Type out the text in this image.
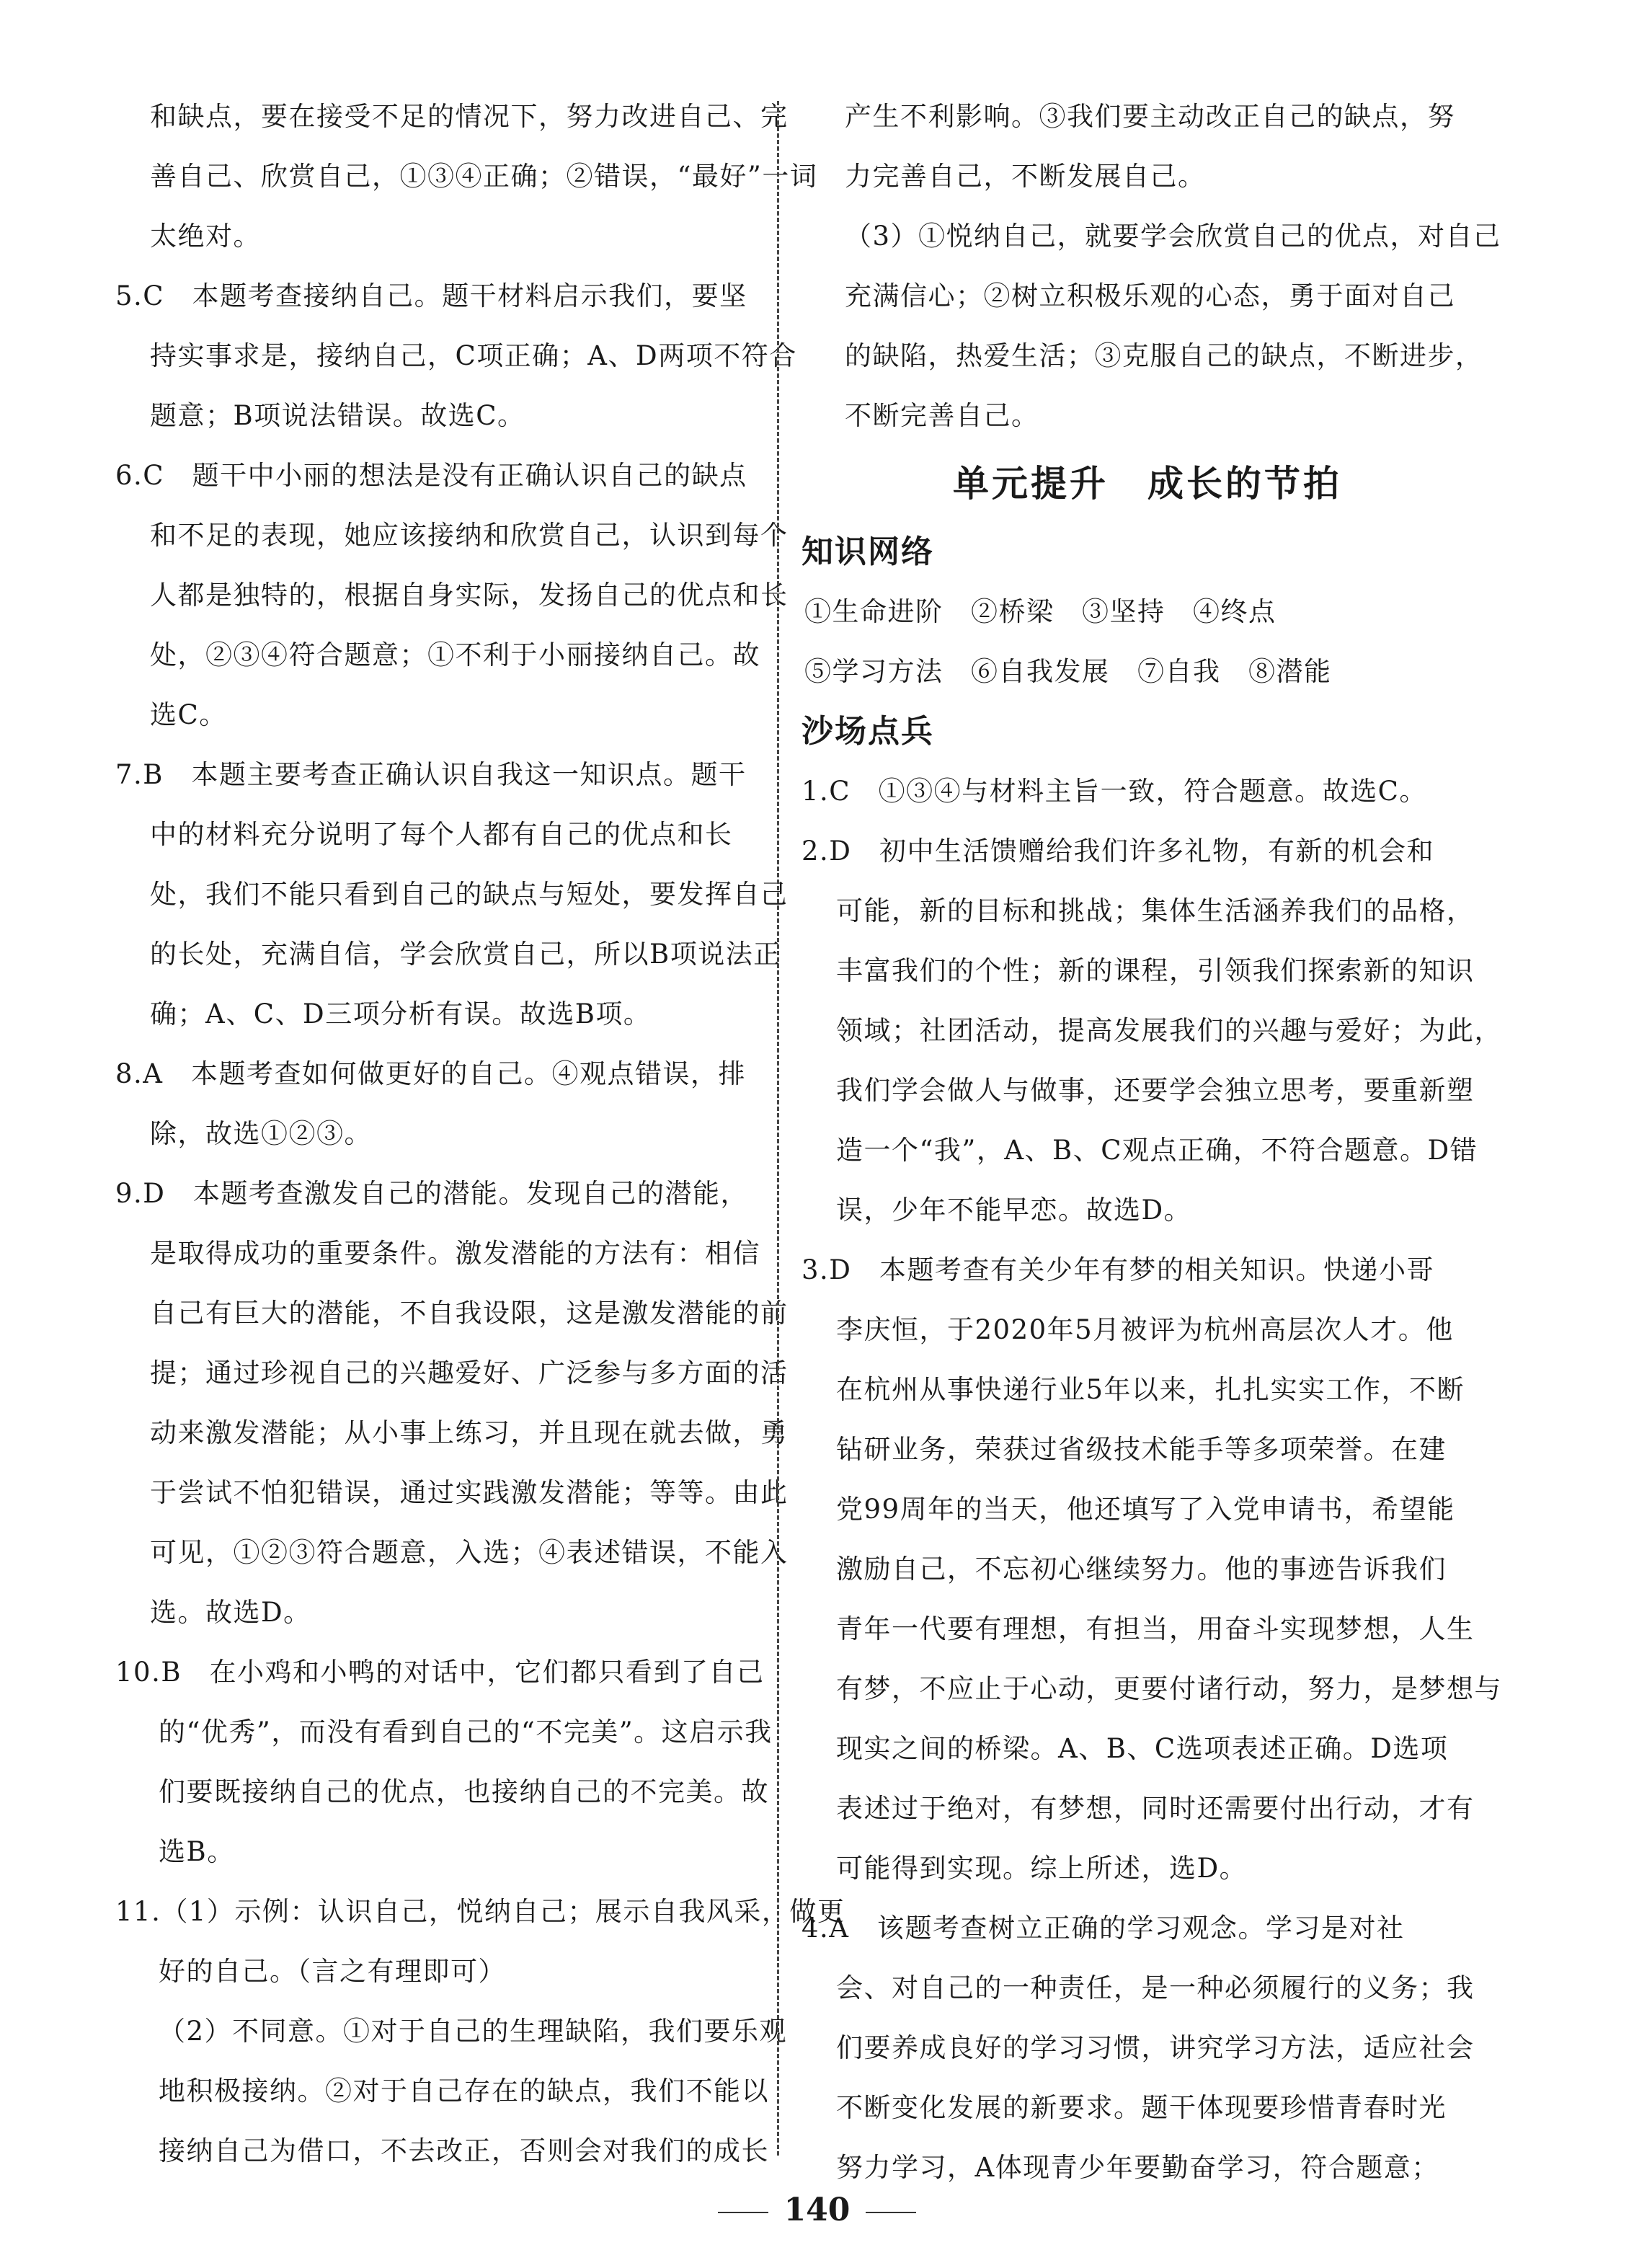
和缺点，要在接受不足的情况下，努力改进自己、完
善自己、欣赏自己，①③④正确；②错误，“最好”一词
太绝对。
5.C　本题考查接纳自己。题干材料启示我们，要坚
持实事求是，接纳自己，C项正确；A、D两项不符合
题意；B项说法错误。故选C。
6.C　题干中小丽的想法是没有正确认识自己的缺点
和不足的表现，她应该接纳和欣赏自己，认识到每个
人都是独特的，根据自身实际，发扬自己的优点和长
处，②③④符合题意；①不利于小丽接纳自己。故
选C。
7.B　本题主要考查正确认识自我这一知识点。题干
中的材料充分说明了每个人都有自己的优点和长
处，我们不能只看到自己的缺点与短处，要发挥自己
的长处，充满自信，学会欣赏自己，所以B项说法正
确；A、C、D三项分析有误。故选B项。
8.A　本题考查如何做更好的自己。④观点错误，排
除，故选①②③。
9.D　本题考查激发自己的潜能。发现自己的潜能，
是取得成功的重要条件。激发潜能的方法有：相信
自己有巨大的潜能，不自我设限，这是激发潜能的前
提；通过珍视自己的兴趣爱好、广泛参与多方面的活
动来激发潜能；从小事上练习，并且现在就去做，勇
于尝试不怕犯错误，通过实践激发潜能；等等。由此
可见，①②③符合题意，入选；④表述错误，不能入
选。故选D。
10.B　在小鸡和小鸭的对话中，它们都只看到了自己
的“优秀”，而没有看到自己的“不完美”。这启示我
们要既接纳自己的优点，也接纳自己的不完美。故
选B。
11.（1）示例：认识自己，悦纳自己；展示自我风采，做更
好的自己。（言之有理即可）
（2）不同意。①对于自己的生理缺陷，我们要乐观
地积极接纳。②对于自己存在的缺点，我们不能以
接纳自己为借口，不去改正，否则会对我们的成长
产生不利影响。③我们要主动改正自己的缺点，努
力完善自己，不断发展自己。
（3）①悦纳自己，就要学会欣赏自己的优点，对自己
充满信心；②树立积极乐观的心态，勇于面对自己
的缺陷，热爱生活；③克服自己的缺点，不断进步，
不断完善自己。
单元提升　成长的节拍
知识网络
①生命进阶　②桥梁　③坚持　④终点
⑤学习方法　⑥自我发展　⑦自我　⑧潜能
沙场点兵
1.C　①③④与材料主旨一致，符合题意。故选C。
2.D　初中生活馈赠给我们许多礼物，有新的机会和
可能，新的目标和挑战；集体生活涵养我们的品格，
丰富我们的个性；新的课程，引领我们探索新的知识
领域；社团活动，提高发展我们的兴趣与爱好；为此，
我们学会做人与做事，还要学会独立思考，要重新塑
造一个“我”，A、B、C观点正确，不符合题意。D错
误，少年不能早恋。故选D。
3.D　本题考查有关少年有梦的相关知识。快递小哥
李庆恒，于2020年5月被评为杭州高层次人才。他
在杭州从事快递行业5年以来，扎扎实实工作，不断
钻研业务，荣获过省级技术能手等多项荣誉。在建
党99周年的当天，他还填写了入党申请书，希望能
激励自己，不忘初心继续努力。他的事迹告诉我们
青年一代要有理想，有担当，用奋斗实现梦想，人生
有梦，不应止于心动，更要付诸行动，努力，是梦想与
现实之间的桥梁。A、B、C选项表述正确。D选项
表述过于绝对，有梦想，同时还需要付出行动，才有
可能得到实现。综上所述，选D。
4.A　该题考查树立正确的学习观念。学习是对社
会、对自己的一种责任，是一种必须履行的义务；我
们要养成良好的学习习惯，讲究学习方法，适应社会
不断变化发展的新要求。题干体现要珍惜青春时光
努力学习，A体现青少年要勤奋学习，符合题意；
140
